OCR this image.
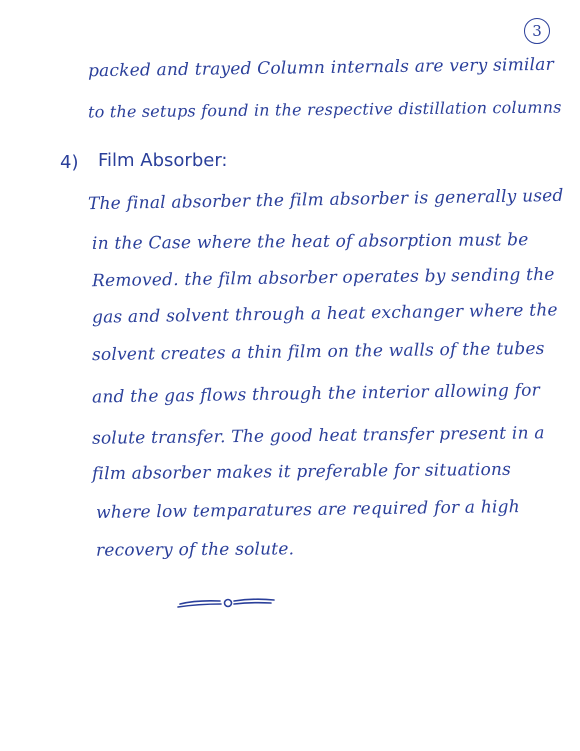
3
packed and trayed Column internals are very similar
to the setups found in the respective distillation columns
4) Film Absorber:
The final absorber the film absorber is generally used
in the Case where the heat of absorption must be
Removed. the film absorber operates by sending the
gas and solvent through a heat exchanger where the
solvent creates a thin film on the walls of the tubes
and the gas flows through the interior allowing for
solute transfer. The good heat transfer present in a
film absorber makes it preferable for situations
where low temparatures are required for a high
recovery of the solute.
